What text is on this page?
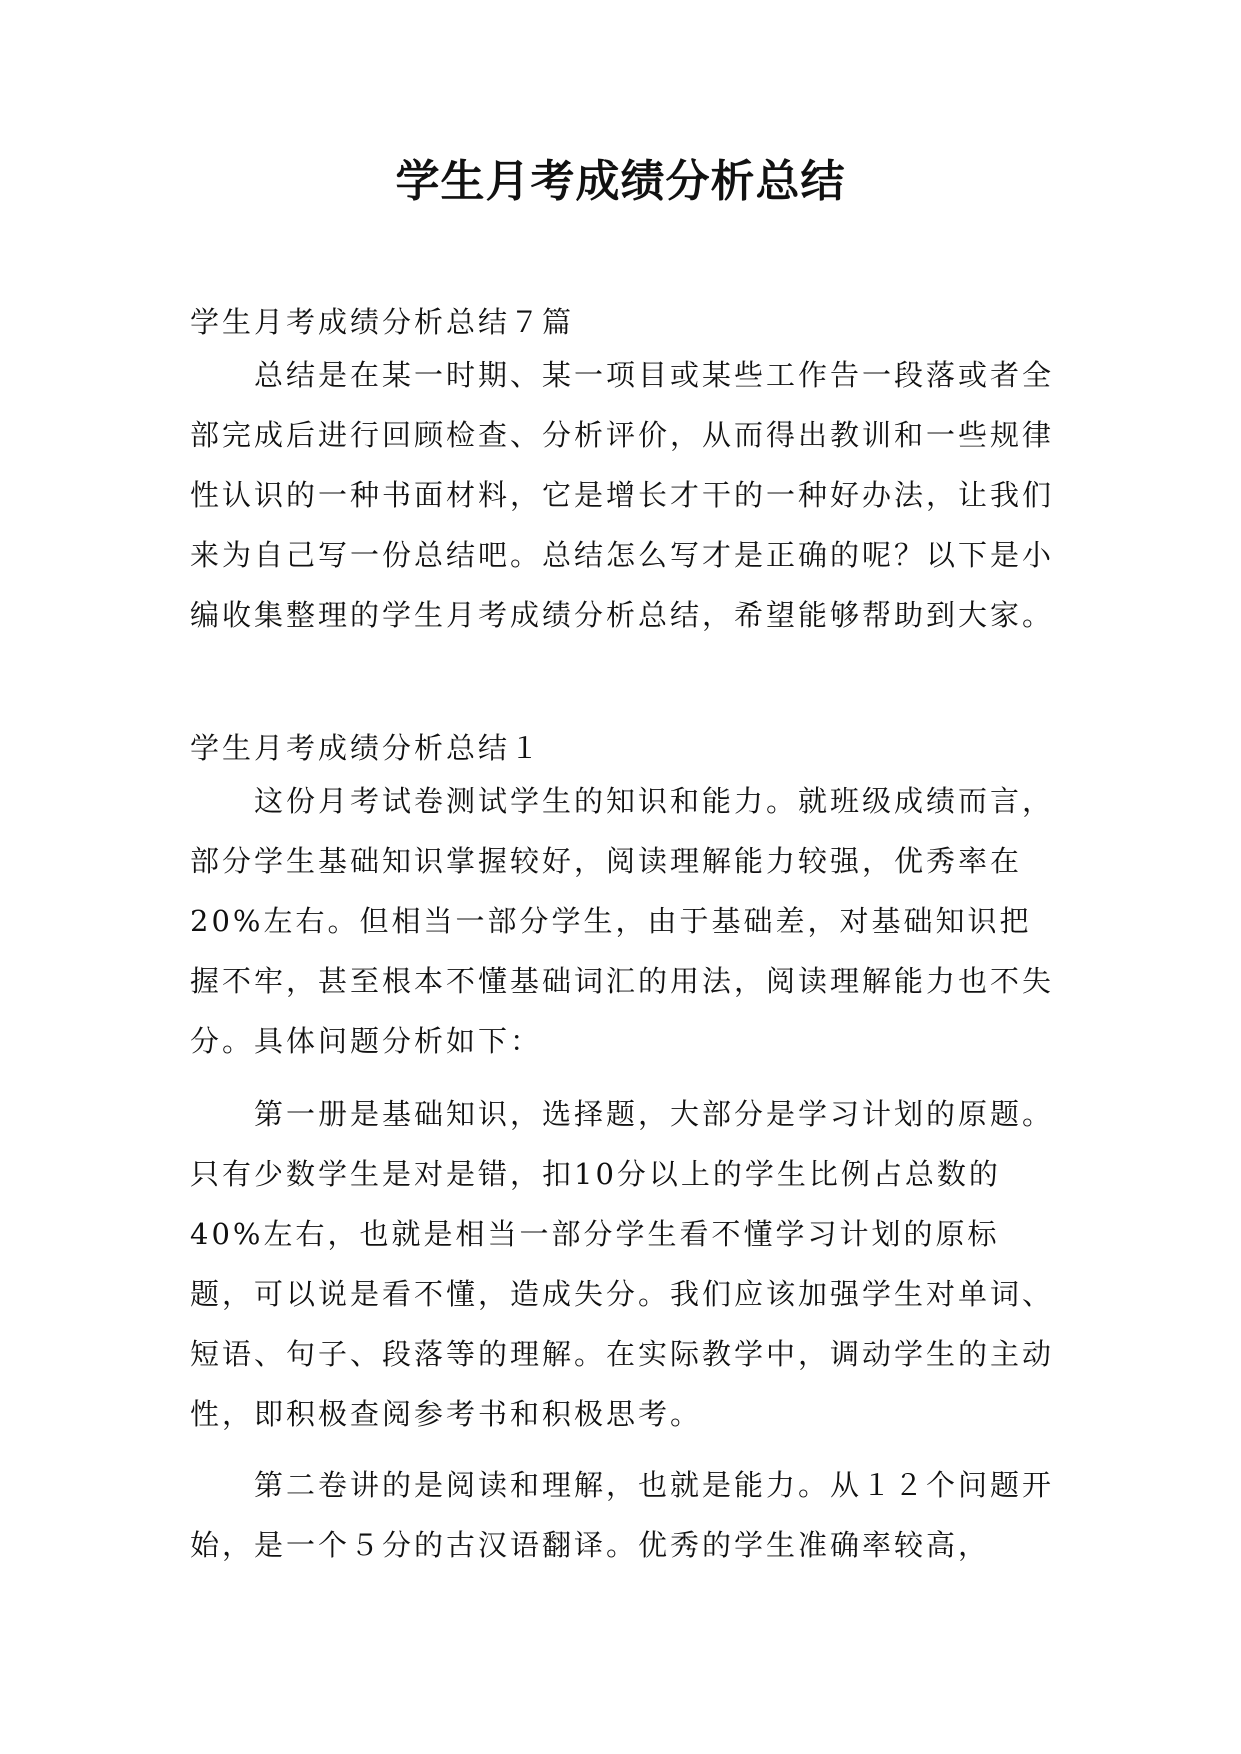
学生月考成绩分析总结

学生月考成绩分析总结７篇

总结是在某一时期、某一项目或某些工作告一段落或者全部完成后进行回顾检查、分析评价，从而得出教训和一些规律性认识的一种书面材料，它是增长才干的一种好办法，让我们来为自己写一份总结吧。总结怎么写才是正确的呢？以下是小编收集整理的学生月考成绩分析总结，希望能够帮助到大家。

学生月考成绩分析总结１

这份月考试卷测试学生的知识和能力。就班级成绩而言，部分学生基础知识掌握较好，阅读理解能力较强，优秀率在20%左右。但相当一部分学生，由于基础差，对基础知识把握不牢，甚至根本不懂基础词汇的用法，阅读理解能力也不失分。具体问题分析如下：

第一册是基础知识，选择题，大部分是学习计划的原题。只有少数学生是对是错，扣10分以上的学生比例占总数的40%左右，也就是相当一部分学生看不懂学习计划的原标题，可以说是看不懂，造成失分。我们应该加强学生对单词、短语、句子、段落等的理解。在实际教学中，调动学生的主动性，即积极查阅参考书和积极思考。

第二卷讲的是阅读和理解，也就是能力。从１２个问题开始，是一个５分的古汉语翻译。优秀的学生准确率较高，
